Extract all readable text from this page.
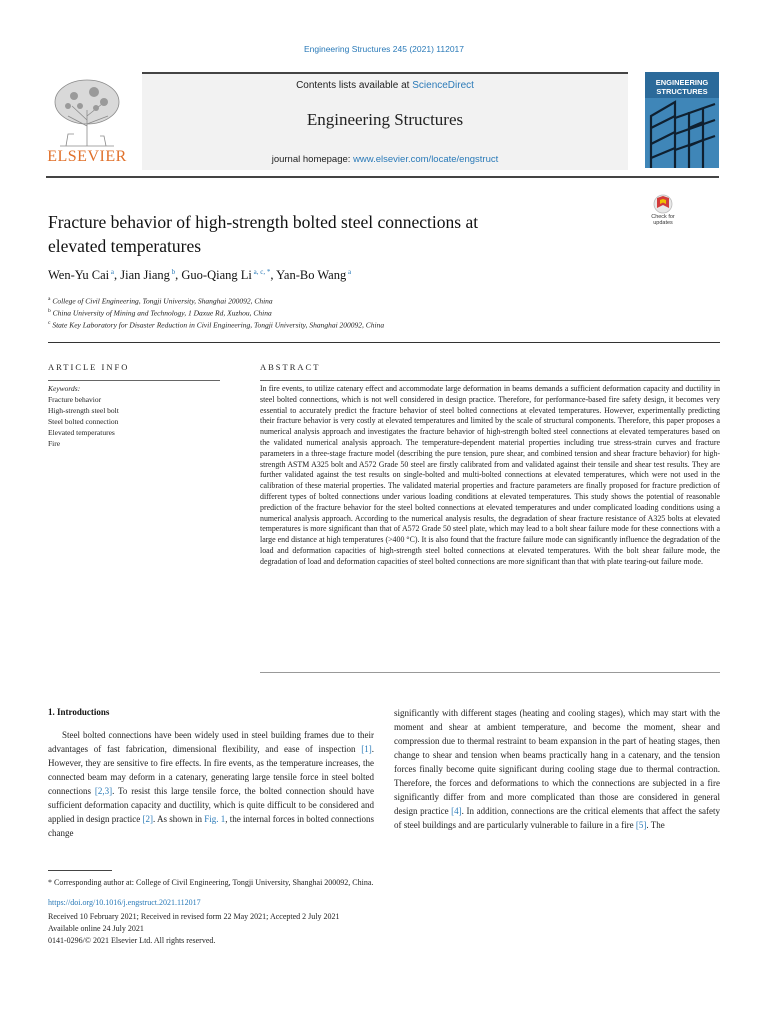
Engineering Structures 245 (2021) 112017
ELSEVIER
Contents lists available at ScienceDirect
Engineering Structures
journal homepage: www.elsevier.com/locate/engstruct
ENGINEERING
STRUCTURES
Check for
updates
Fracture behavior of high-strength bolted steel connections at
elevated temperatures
Wen-Yu Cai $^a$, Jian Jiang $^b$, Guo-Qiang Li $^{a, c, *}$, Yan-Bo Wang $^a$
$^a$ College of Civil Engineering, Tongji University, Shanghai 200092, China
$^b$ China University of Mining and Technology, 1 Daxue Rd, Xuzhou, China
$^c$ State Key Laboratory for Disaster Reduction in Civil Engineering, Tongji University, Shanghai 200092, China
ARTICLE INFO
Keywords:
Fracture behavior
High-strength steel bolt
Steel bolted connection
Elevated temperatures
Fire
ABSTRACT
In fire events, to utilize catenary effect and accommodate large deformation in beams demands a sufficient deformation capacity and ductility in steel bolted connections, which is not well considered in design practice. Therefore, for performance-based fire safety design, it becomes very essential to accurately predict the fracture behavior of steel bolted connections at elevated temperatures. However, experimentally predicting their fracture behavior is very costly at elevated temperatures and limited by the scale of structural components. Therefore, this paper proposes a numerical analysis approach and investigates the fracture behavior of high-strength bolted steel connections at elevated temperatures based on the validated numerical analysis approach. The temperature-dependent material properties including true stress-strain curves and fracture parameters in a three-stage fracture model (describing the pure tension, pure shear, and combined tension and shear fracture behavior) for high-strength ASTM A325 bolt and A572 Grade 50 steel are firstly calibrated from and validated against their tensile and shear test results. They are further validated against the test results on single-bolted and multi-bolted connections at elevated temperatures, which were not used in the calibration of these material properties. The validated material properties and fracture parameters are finally proposed for fracture prediction of different types of bolted connections under various loading conditions at elevated temperatures. This study shows the potential of reasonable prediction of the fracture behavior for the steel bolted connections at elevated temperatures and under complicated loading conditions using a numerical analysis approach. According to the numerical analysis results, the degradation of shear fracture resistance of A325 bolts at elevated temperatures is more significant than that of A572 Grade 50 steel plate, which may lead to a bolt shear failure mode for these connections with a large end distance at high temperatures (>400 °C). It is also found that the fracture failure mode can significantly influence the degradation of the load and deformation capacities of high-strength steel bolted connections at elevated temperatures. With the bolt shear failure mode, the degradation of load and deformation capacities of steel bolted connections are more significant than that with plate tearing-out failure mode.
1. Introductions
Steel bolted connections have been widely used in steel building frames due to their advantages of fast fabrication, dimensional flexibility, and ease of inspection [1]. However, they are sensitive to fire effects. In fire events, as the temperature increases, the connected beam may deform in a catenary, generating large tensile force in steel bolted connections [2,3]. To resist this large tensile force, the bolted connection should have sufficient deformation capacity and ductility, which is quite difficult to be considered and applied in design practice [2]. As shown in Fig. 1, the internal forces in bolted connections change
significantly with different stages (heating and cooling stages), which may start with the moment and shear at ambient temperature, and become the moment, shear and compression due to thermal restraint to beam expansion in the part of heating stages, then change to shear and tension when beams practically hang in a catenary, and the tension forces finally become quite significant during cooling stage due to thermal contraction. Therefore, the forces and deformations to which the connections are subjected in a fire significantly differ from and more complicated than those are considered in general design practice [4]. In addition, connections are the critical elements that affect the safety of steel buildings and are particularly vulnerable to failure in a fire [5]. The
* Corresponding author at: College of Civil Engineering, Tongji University, Shanghai 200092, China.
https://doi.org/10.1016/j.engstruct.2021.112017
Received 10 February 2021; Received in revised form 22 May 2021; Accepted 2 July 2021
Available online 24 July 2021
0141-0296/© 2021 Elsevier Ltd. All rights reserved.
